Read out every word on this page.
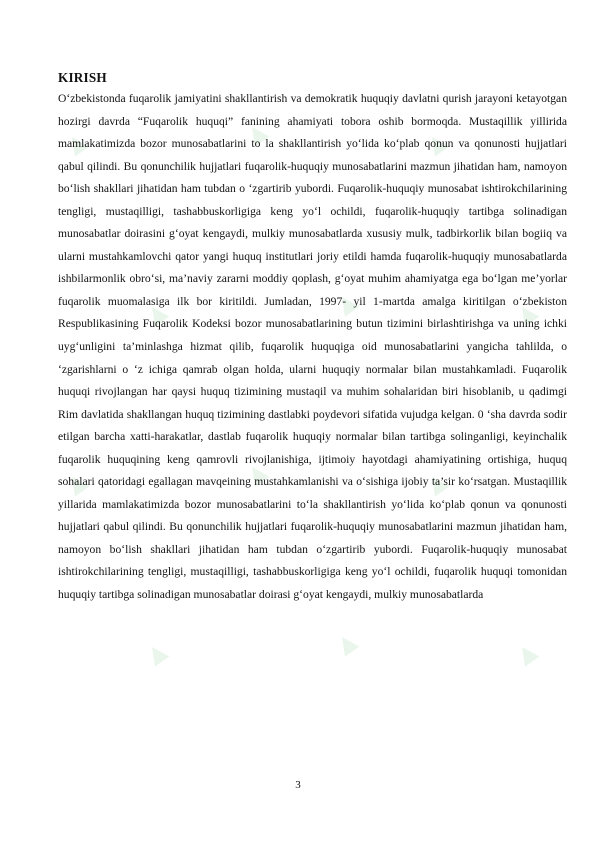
▲	▲	▲
▲	▲	▲
▲	▲	▲
▲	▲	▲
KIRISH

O‘zbekistonda fuqarolik jamiyatini shakllantirish va demokratik huquqiy davlatni qurish jarayoni ketayotgan hozirgi davrda “Fuqarolik huquqi” fanining ahamiyati tobora oshib bormoqda. Mustaqillik yillirida mamlakatimizda bozor munosabatlarini to la shakllantirish yo‘lida ko‘plab qonun va qonunosti hujjatlari qabul qilindi. Bu qonunchilik hujjatlari fuqarolik-huquqiy munosabatlarini mazmun jihatidan ham, namoyon bo‘lish shakllari jihatidan ham tubdan o ‘zgartirib yubordi. Fuqarolik-huquqiy munosabat ishtirokchilarining tengligi, mustaqilligi, tashabbuskorligiga keng yo‘l ochildi, fuqarolik-huquqiy tartibga solinadigan munosabatlar doirasini g‘oyat kengaydi, mulkiy munosabatlarda xususiy mulk, tadbirkorlik bilan bogiiq va ularni mustahkamlovchi qator yangi huquq institutlari joriy etildi hamda fuqarolik-huquqiy munosabatlarda ishbilarmonlik obro‘si, ma’naviy zararni moddiy qoplash, g‘oyat muhim ahamiyatga ega bo‘lgan me’yorlar fuqarolik muomalasiga ilk bor kiritildi. Jumladan, 1997- yil 1-martda amalga kiritilgan o‘zbekiston Respublikasining Fuqarolik Kodeksi bozor munosabatlarining butun tizimini birlashtirishga va uning ichki uyg‘unligini ta’minlashga hizmat qilib, fuqarolik huquqiga oid munosabatlarini yangicha tahlilda, o ‘zgarishlarni o ‘z ichiga qamrab olgan holda, ularni huquqiy normalar bilan mustahkamladi. Fuqarolik huquqi rivojlangan har qaysi huquq tizimining mustaqil va muhim sohalaridan biri hisoblanib, u qadimgi Rim davlatida shakllangan huquq tizimining dastlabki poydevori sifatida vujudga kelgan. 0 ‘sha davrda sodir etilgan barcha xatti-harakatlar, dastlab fuqarolik huquqiy normalar bilan tartibga solinganligi, keyinchalik fuqarolik huquqining keng qamrovli rivojlanishiga, ijtimoiy hayotdagi ahamiyatining ortishiga, huquq sohalari qatoridagi egallagan mavqeining mustahkamlanishi va o‘sishiga ijobiy ta’sir ko‘rsatgan. Mustaqillik yillarida mamlakatimizda bozor munosabatlarini to‘la shakllantirish yo‘lida ko‘plab qonun va qonunosti hujjatlari qabul qilindi. Bu qonunchilik hujjatlari fuqarolik-huquqiy munosabatlarini mazmun jihatidan ham, namoyon bo‘lish shakllari jihatidan ham tubdan o‘zgartirib yubordi. Fuqarolik-huquqiy munosabat ishtirokchilarining tengligi, mustaqilligi, tashabbuskorligiga keng yo‘l ochildi, fuqarolik huquqi tomonidan huquqiy tartibga solinadigan munosabatlar doirasi g‘oyat kengaydi, mulkiy munosabatlarda

3
